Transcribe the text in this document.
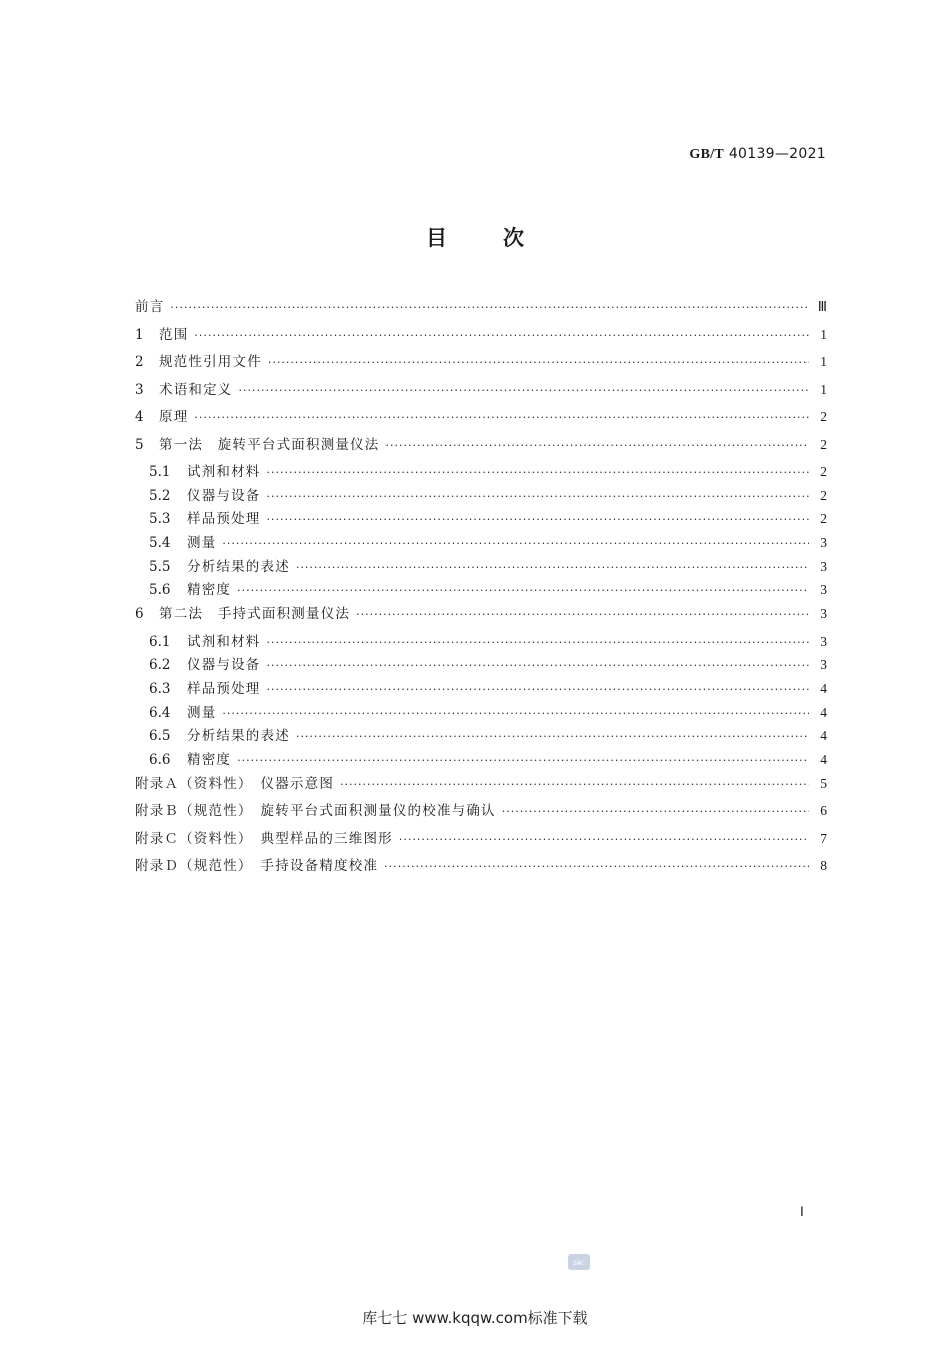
GB/T 40139—2021
目	次
前言 ·····	Ⅲ
1	范围 ·····	1
2	规范性引用文件 ·····	1
3	术语和定义 ·····	1
4	原理 ·····	2
5	第一法　旋转平台式面积测量仪法 ·····	2
5.1	试剂和材料 ·····	2
5.2	仪器与设备 ·····	2
5.3	样品预处理 ·····	2
5.4	测量 ·····	3
5.5	分析结果的表述 ·····	3
5.6	精密度 ·····	3
6	第二法　手持式面积测量仪法 ·····	3
6.1	试剂和材料 ·····	3
6.2	仪器与设备 ·····	3
6.3	样品预处理 ·····	4
6.4	测量 ·····	4
6.5	分析结果的表述 ·····	4
6.6	精密度 ·····	4
附录Ａ（资料性）　仪器示意图 ·····	5
附录Ｂ（规范性）　旋转平台式面积测量仪的校准与确认 ·····	6
附录Ｃ（资料性）　典型样品的三维图形 ·····	7
附录Ｄ（规范性）　手持设备精度校准 ·····	8
Ⅰ
SAC
库七七 www.kqqw.com标准下载
